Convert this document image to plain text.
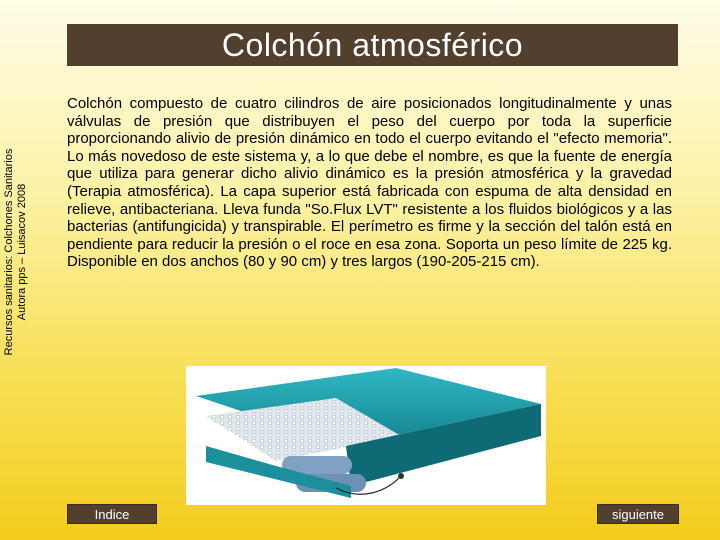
Colchón atmosférico
Recursos sanitarios: Colchones Sanitarios Autora pps – Luisacov 2008

Colchón compuesto de cuatro cilindros de aire posicionados longitudinalmente y unas válvulas de presión que distribuyen el peso del cuerpo por toda la superficie proporcionando alivio de presión dinámico en todo el cuerpo evitando el "efecto memoria". Lo más novedoso de este sistema y, a lo que debe el nombre, es que la fuente de energía que utiliza para generar dicho alivio dinámico es la presión atmosférica y la gravedad (Terapia atmosférica). La capa superior está fabricada con espuma de alta densidad en relieve, antibacteriana. Lleva funda "So.Flux LVT" resistente a los fluidos biológicos y a las bacterias (antifungicida) y transpirable. El perímetro es firme y la sección del talón está en pendiente para reducir la presión o el roce en esa zona. Soporta un peso límite de 225 kg. Disponible en dos anchos (80 y 90 cm) y tres largos (190-205-215 cm).

Indice	siguiente
